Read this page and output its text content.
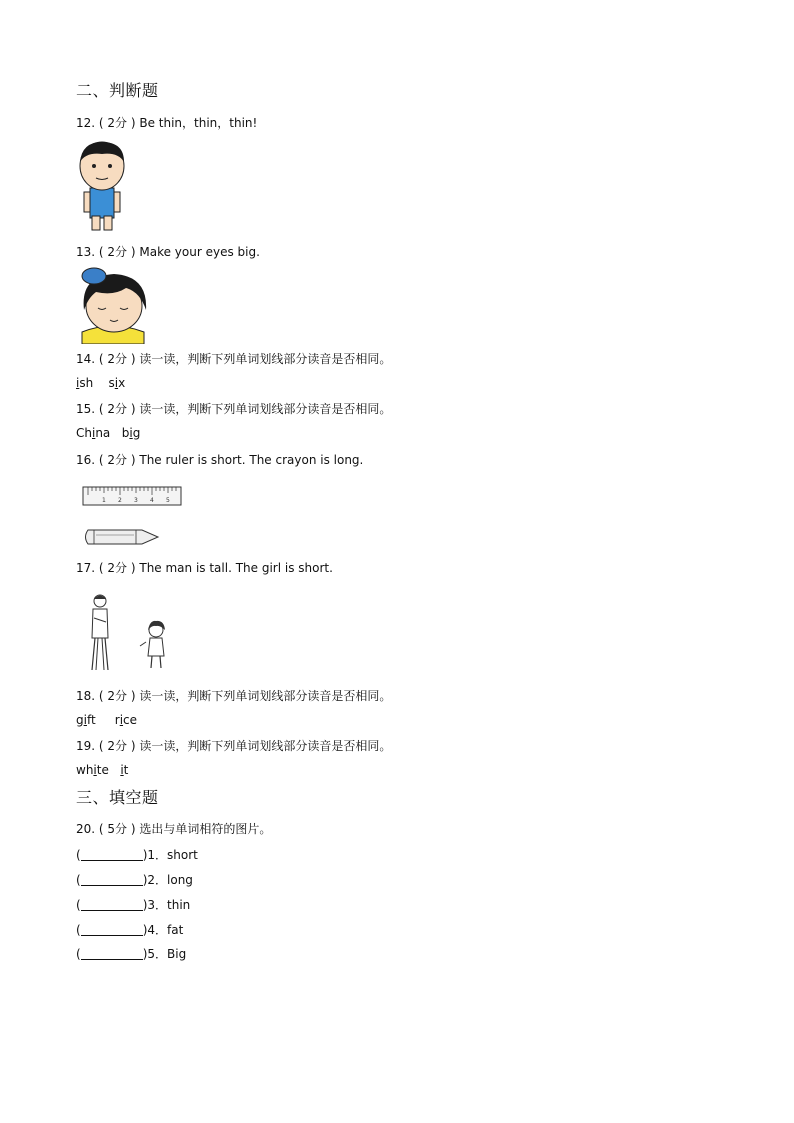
二、判断题
12. ( 2分 ) Be thin，thin，thin!
13. ( 2分 ) Make your eyes big.
14. ( 2分 ) 读一读，判断下列单词划线部分读音是否相同。
ish six
15. ( 2分 ) 读一读，判断下列单词划线部分读音是否相同。
China big
16. ( 2分 ) The ruler is short. The crayon is long.
1 2 3 4 5
17. ( 2分 ) The man is tall. The girl is short.
18. ( 2分 ) 读一读，判断下列单词划线部分读音是否相同。
gift rice
19. ( 2分 ) 读一读，判断下列单词划线部分读音是否相同。
white it
三、填空题
20. ( 5分 ) 选出与单词相符的图片。
(	)1．short
(	)2．long
(	)3．thin
(	)4．fat
(	)5．Big
